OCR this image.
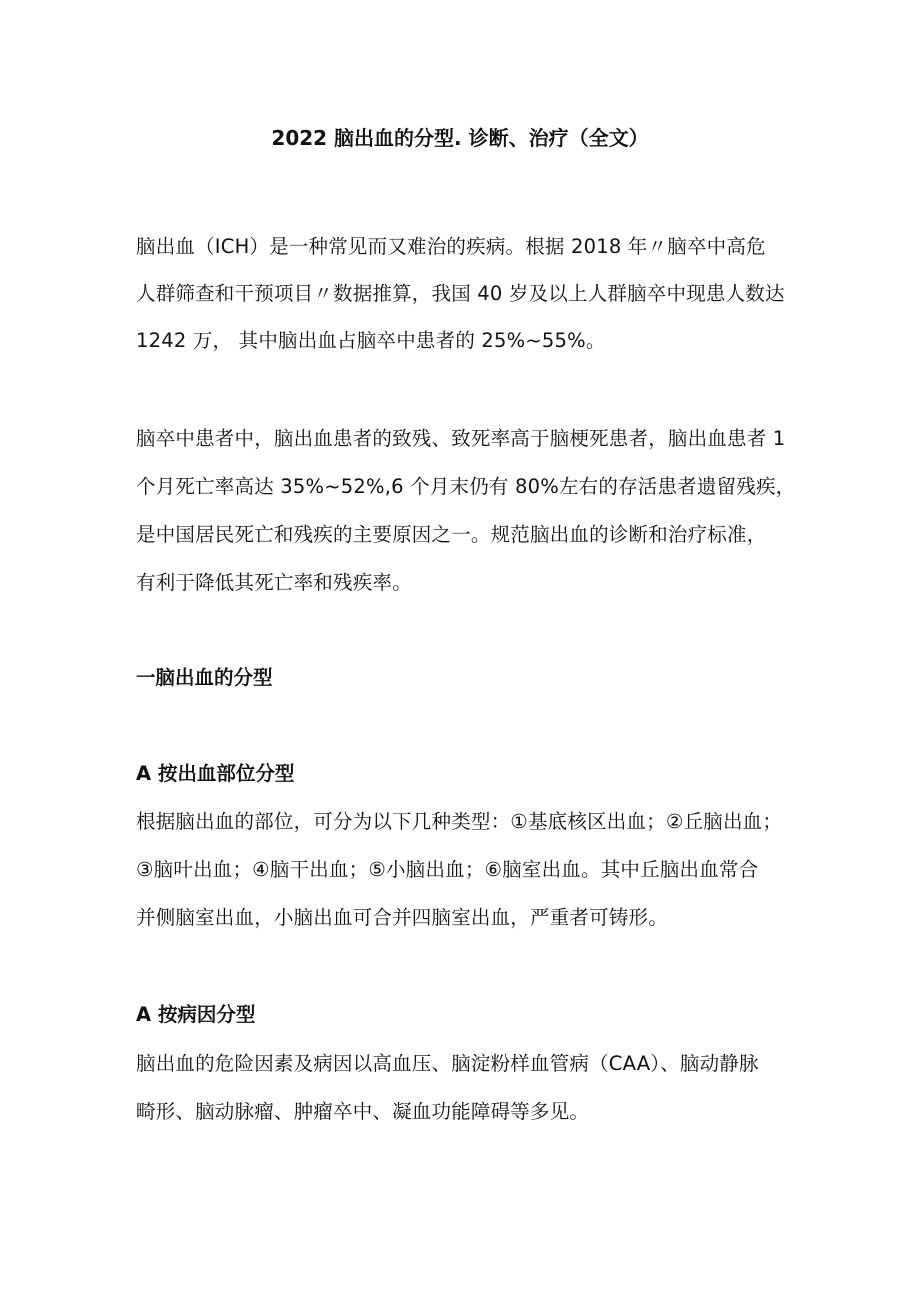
2022 脑出血的分型. 诊断、治疗（全文）
脑出血（ICH）是一种常见而又难治的疾病。根据 2018 年〃脑卒中高危
人群筛查和干预项目〃数据推算，我国 40 岁及以上人群脑卒中现患人数达
1242 万， 其中脑出血占脑卒中患者的 25%~55%。
脑卒中患者中，脑出血患者的致残、致死率高于脑梗死患者，脑出血患者 1
个月死亡率高达 35%~52%,6 个月末仍有 80%左右的存活患者遗留残疾，
是中国居民死亡和残疾的主要原因之一。规范脑出血的诊断和治疗标准，
有利于降低其死亡率和残疾率。
一脑出血的分型
A 按出血部位分型
根据脑出血的部位，可分为以下几种类型：①基底核区出血；②丘脑出血；
③脑叶出血；④脑干出血；⑤小脑出血；⑥脑室出血。其中丘脑出血常合
并侧脑室出血，小脑出血可合并四脑室出血，严重者可铸形。
A 按病因分型
脑出血的危险因素及病因以高血压、脑淀粉样血管病（CAA）、脑动静脉
畸形、脑动脉瘤、肿瘤卒中、凝血功能障碍等多见。
